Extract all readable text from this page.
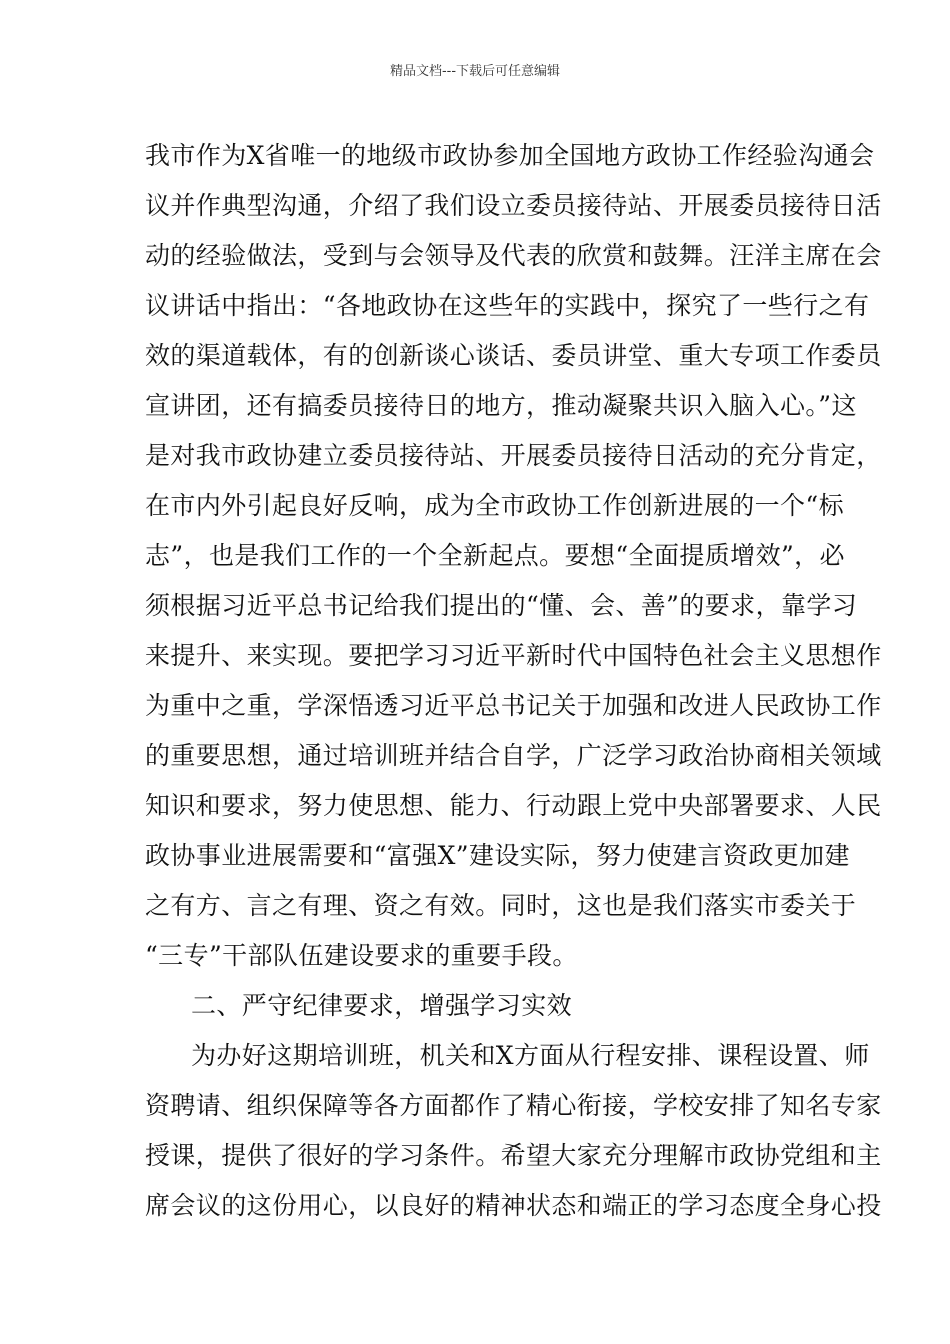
精品文档---下载后可任意编辑
我市作为X省唯一的地级市政协参加全国地方政协工作经验沟通会
议并作典型沟通，介绍了我们设立委员接待站、开展委员接待日活
动的经验做法，受到与会领导及代表的欣赏和鼓舞。汪洋主席在会
议讲话中指出：“各地政协在这些年的实践中，探究了一些行之有
效的渠道载体，有的创新谈心谈话、委员讲堂、重大专项工作委员
宣讲团，还有搞委员接待日的地方，推动凝聚共识入脑入心。”这
是对我市政协建立委员接待站、开展委员接待日活动的充分肯定，
在市内外引起良好反响，成为全市政协工作创新进展的一个“标
志”，也是我们工作的一个全新起点。要想“全面提质增效”，必
须根据习近平总书记给我们提出的“懂、会、善”的要求，靠学习
来提升、来实现。要把学习习近平新时代中国特色社会主义思想作
为重中之重，学深悟透习近平总书记关于加强和改进人民政协工作
的重要思想，通过培训班并结合自学，广泛学习政治协商相关领域
知识和要求，努力使思想、能力、行动跟上党中央部署要求、人民
政协事业进展需要和“富强X”建设实际，努力使建言资政更加建
之有方、言之有理、资之有效。同时，这也是我们落实市委关于
“三专”干部队伍建设要求的重要手段。
二、严守纪律要求，增强学习实效
为办好这期培训班，机关和X方面从行程安排、课程设置、师
资聘请、组织保障等各方面都作了精心衔接，学校安排了知名专家
授课，提供了很好的学习条件。希望大家充分理解市政协党组和主
席会议的这份用心，以良好的精神状态和端正的学习态度全身心投
